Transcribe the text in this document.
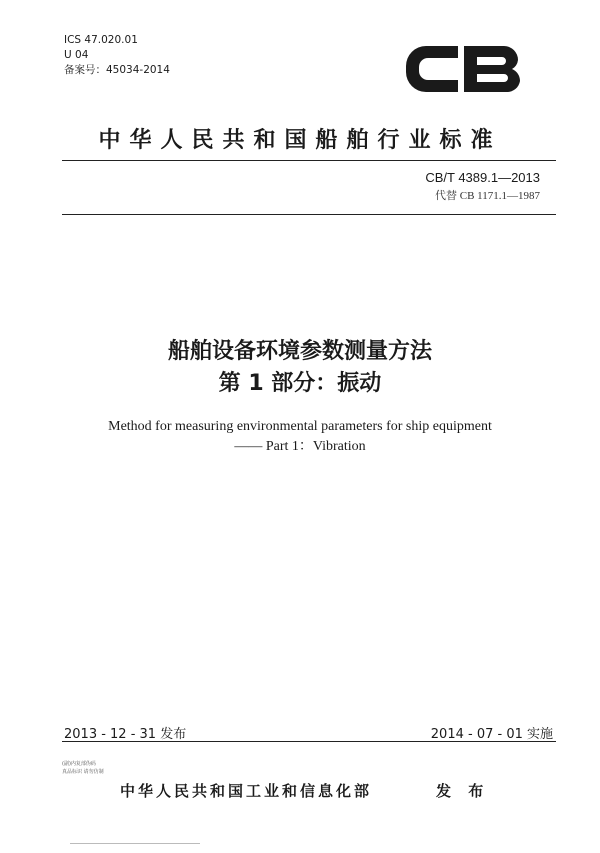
ICS 47.020.01
U 04
备案号：45034-2014
中华人民共和国船舶行业标准
CB/T 4389.1—2013
代替 CB 1171.1—1987
船舶设备环境参数测量方法
第 1 部分：振动
Method for measuring environmental parameters for ship equipment
—— Part 1：Vibration
2013 - 12 - 31 发布	2014 - 07 - 01 实施
(副)内复部伪码
真品标识 请勿仿制
中华人民共和国工业和信息化部	发 布
